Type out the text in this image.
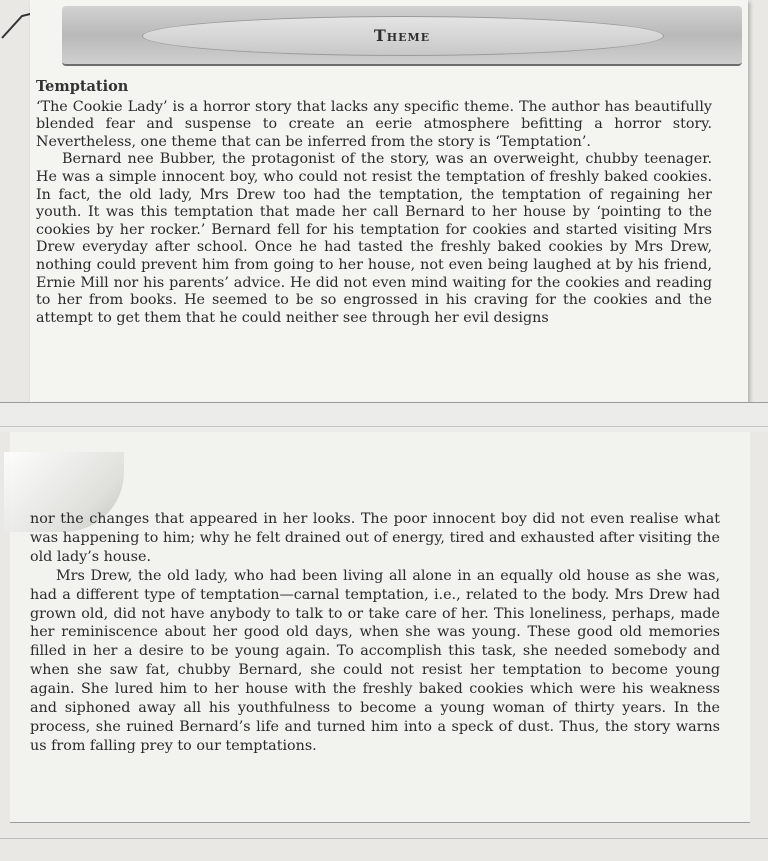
Theme
Temptation

‘The Cookie Lady’ is a horror story that lacks any specific theme. The author has beautifully blended fear and suspense to create an eerie atmosphere befitting a horror story. Nevertheless, one theme that can be inferred from the story is ‘Temptation’.

Bernard nee Bubber, the protagonist of the story, was an overweight, chubby teenager. He was a simple innocent boy, who could not resist the temptation of freshly baked cookies. In fact, the old lady, Mrs Drew too had the temptation, the temptation of regaining her youth. It was this temptation that made her call Bernard to her house by ‘pointing to the cookies by her rocker.’ Bernard fell for his temptation for cookies and started visiting Mrs Drew everyday after school. Once he had tasted the freshly baked cookies by Mrs Drew, nothing could prevent him from going to her house, not even being laughed at by his friend, Ernie Mill nor his parents’ advice. He did not even mind waiting for the cookies and reading to her from books. He seemed to be so engrossed in his craving for the cookies and the attempt to get them that he could neither see through her evil designs

nor the changes that appeared in her looks. The poor innocent boy did not even realise what was happening to him; why he felt drained out of energy, tired and exhausted after visiting the old lady’s house.

Mrs Drew, the old lady, who had been living all alone in an equally old house as she was, had a different type of temptation—carnal temptation, i.e., related to the body. Mrs Drew had grown old, did not have anybody to talk to or take care of her. This loneliness, perhaps, made her reminiscence about her good old days, when she was young. These good old memories filled in her a desire to be young again. To accomplish this task, she needed somebody and when she saw fat, chubby Bernard, she could not resist her temptation to become young again. She lured him to her house with the freshly baked cookies which were his weakness and siphoned away all his youthfulness to become a young woman of thirty years. In the process, she ruined Bernard’s life and turned him into a speck of dust. Thus, the story warns us from falling prey to our temptations.
